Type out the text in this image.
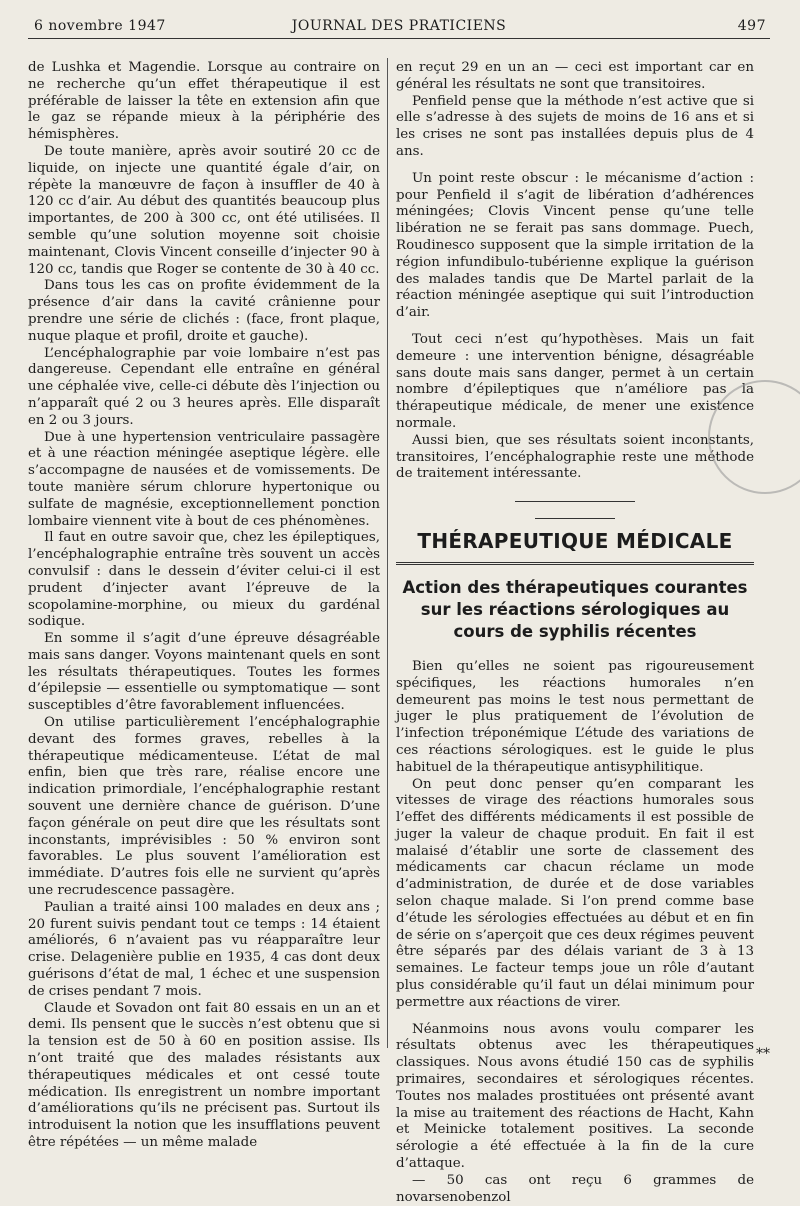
6 novembre 1947	JOURNAL DES PRATICIENS	497

de Lushka et Magendie. Lorsque au contraire on ne recherche qu’un effet thérapeutique il est préférable de laisser la tête en extension afin que le gaz se répande mieux à la périphérie des hémisphères.

De toute manière, après avoir soutiré 20 cc de liquide, on injecte une quantité égale d’air, on répète la manœuvre de façon à insuffler de 40 à 120 cc d’air. Au début des quantités beaucoup plus importantes, de 200 à 300 cc, ont été utilisées. Il semble qu’une solution moyenne soit choisie maintenant, Clovis Vincent conseille d’injecter 90 à 120 cc, tandis que Roger se contente de 30 à 40 cc.

Dans tous les cas on profite évidemment de la présence d’air dans la cavité crânienne pour prendre une série de clichés : (face, front plaque, nuque plaque et profil, droite et gauche).

L’encéphalographie par voie lombaire n’est pas dangereuse. Cependant elle entraîne en général une céphalée vive, celle-ci débute dès l’injection ou n’apparaît qué 2 ou 3 heures après. Elle disparaît en 2 ou 3 jours.

Due à une hypertension ventriculaire passagère et à une réaction méningée aseptique légère. elle s’accompagne de nausées et de vomissements. De toute manière sérum chlorure hypertonique ou sulfate de magnésie, exceptionnellement ponction lombaire viennent vite à bout de ces phénomènes.

Il faut en outre savoir que, chez les épileptiques, l’encéphalographie entraîne très souvent un accès convulsif : dans le dessein d’éviter celui-ci il est prudent d’injecter avant l’épreuve de la scopolamine-morphine, ou mieux du gardénal sodique.

En somme il s’agit d’une épreuve désagréable mais sans danger. Voyons maintenant quels en sont les résultats thérapeutiques. Toutes les formes d’épilepsie — essentielle ou symptomatique — sont susceptibles d’être favorablement influencées.

On utilise particulièrement l’encéphalographie devant des formes graves, rebelles à la thérapeutique médicamenteuse. L’état de mal enfin, bien que très rare, réalise encore une indication primordiale, l’encéphalographie restant souvent une dernière chance de guérison. D’une façon générale on peut dire que les résultats sont inconstants, imprévisibles : 50 % environ sont favorables. Le plus souvent l’amélioration est immédiate. D’autres fois elle ne survient qu’après une recrudescence passagère.

Paulian a traité ainsi 100 malades en deux ans ; 20 furent suivis pendant tout ce temps : 14 étaient améliorés, 6 n’avaient pas vu réapparaître leur crise. Delagenière publie en 1935, 4 cas dont deux guérisons d’état de mal, 1 échec et une suspension de crises pendant 7 mois.

Claude et Sovadon ont fait 80 essais en un an et demi. Ils pensent que le succès n’est obtenu que si la tension est de 50 à 60 en position assise. Ils n’ont traité que des malades résistants aux thérapeutiques médicales et ont cessé toute médication. Ils enregistrent un nombre important d’améliorations qu’ils ne précisent pas. Surtout ils introduisent la notion que les insufflations peuvent être répétées — un même malade

en reçut 29 en un an — ceci est important car en général les résultats ne sont que transitoires.

Penfield pense que la méthode n’est active que si elle s’adresse à des sujets de moins de 16 ans et si les crises ne sont pas installées depuis plus de 4 ans.

Un point reste obscur : le mécanisme d’action : pour Penfield il s’agit de libération d’adhérences méningées; Clovis Vincent pense qu’une telle libération ne se ferait pas sans dommage. Puech, Roudinesco supposent que la simple irritation de la région infundibulo-tubérienne explique la guérison des malades tandis que De Martel parlait de la réaction méningée aseptique qui suit l’introduction d’air.

Tout ceci n’est qu’hypothèses. Mais un fait demeure : une intervention bénigne, désagréable sans doute mais sans danger, permet à un certain nombre d’épileptiques que n’améliore pas la thérapeutique médicale, de mener une existence normale.

Aussi bien, que ses résultats soient inconstants, transitoires, l’encéphalographie reste une méthode de traitement intéressante.

THÉRAPEUTIQUE MÉDICALE
Action des thérapeutiques courantes sur les réactions sérologiques au cours de syphilis récentes

Bien qu’elles ne soient pas rigoureusement spécifiques, les réactions humorales n’en demeurent pas moins le test nous permettant de juger le plus pratiquement de l’évolution de l’infection tréponémique L’étude des variations de ces réactions sérologiques. est le guide le plus habituel de la thérapeutique antisyphilitique.

On peut donc penser qu’en comparant les vitesses de virage des réactions humorales sous l’effet des différents médicaments il est possible de juger la valeur de chaque produit. En fait il est malaisé d’établir une sorte de classement des médicaments car chacun réclame un mode d’administration, de durée et de dose variables selon chaque malade. Si l’on prend comme base d’étude les sérologies effectuées au début et en fin de série on s’aperçoit que ces deux régimes peuvent être séparés par des délais variant de 3 à 13 semaines. Le facteur temps joue un rôle d’autant plus considérable qu’il faut un délai minimum pour permettre aux réactions de virer.

Néanmoins nous avons voulu comparer les résultats obtenus avec les thérapeutiques classiques. Nous avons étudié 150 cas de syphilis primaires, secondaires et sérologiques récentes. Toutes nos malades prostituées ont présenté avant la mise au traitement des réactions de Hacht, Kahn et Meinicke totalement positives. La seconde sérologie a été effectuée à la fin de la cure d’attaque.

— 50 cas ont reçu 6 grammes de novarsenobenzol

**
